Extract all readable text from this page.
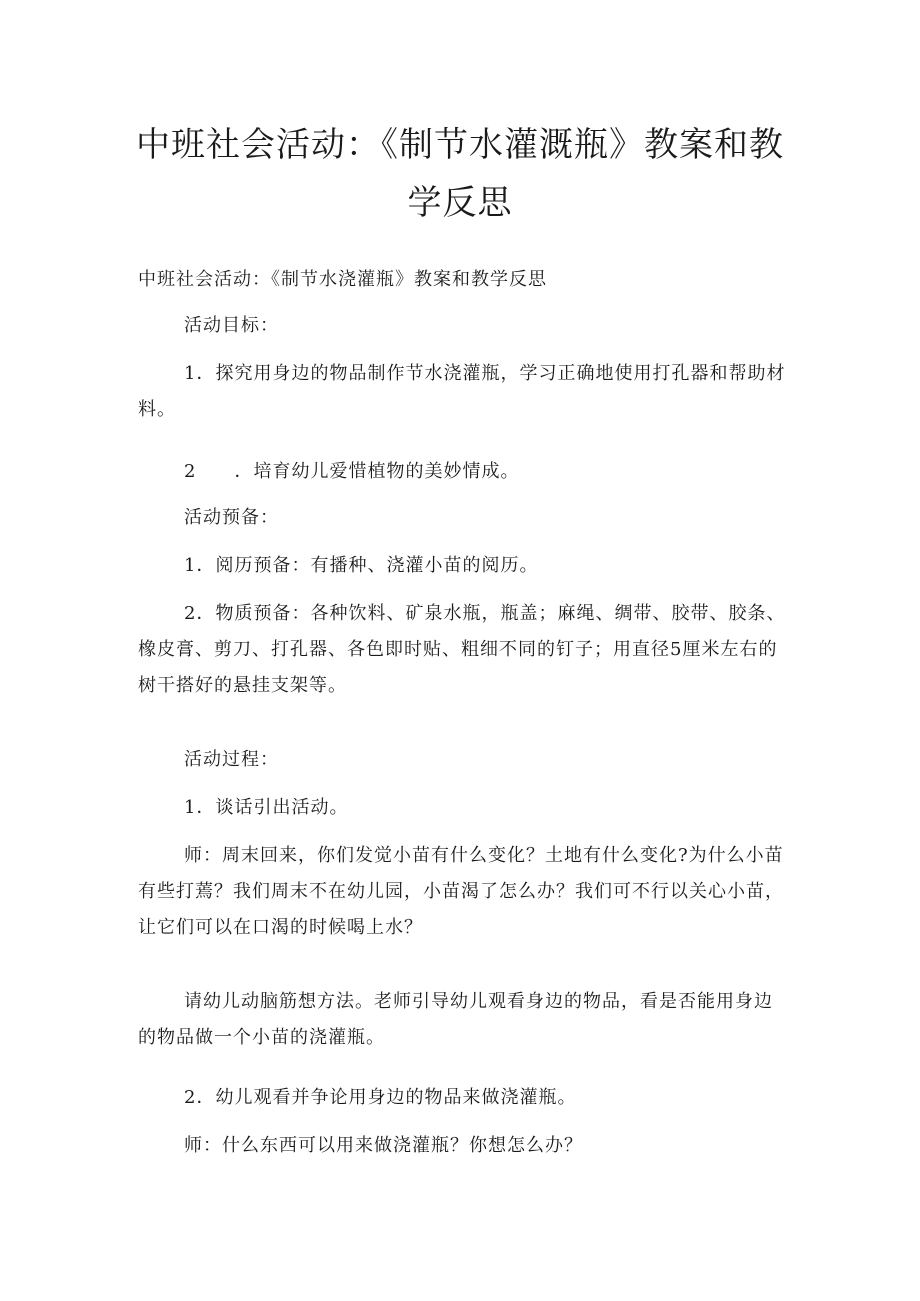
中班社会活动：《制节水灌溉瓶》教案和教学反思

中班社会活动：《制节水浇灌瓶》教案和教学反思

活动目标：

1．探究用身边的物品制作节水浇灌瓶，学习正确地使用打孔器和帮助材料。

2　　．培育幼儿爱惜植物的美妙情成。

活动预备：

1．阅历预备：有播种、浇灌小苗的阅历。

2．物质预备：各种饮料、矿泉水瓶，瓶盖；麻绳、绸带、胶带、胶条、橡皮膏、剪刀、打孔器、各色即时贴、粗细不同的钉子；用直径5厘米左右的树干搭好的悬挂支架等。

活动过程：

1．谈话引出活动。

师：周末回来，你们发觉小苗有什么变化？土地有什么变化?为什么小苗有些打蔫？我们周末不在幼儿园，小苗渴了怎么办？我们可不行以关心小苗，让它们可以在口渴的时候喝上水？

请幼儿动脑筋想方法。老师引导幼儿观看身边的物品，看是否能用身边的物品做一个小苗的浇灌瓶。

2．幼儿观看并争论用身边的物品来做浇灌瓶。

师：什么东西可以用来做浇灌瓶？你想怎么办？
